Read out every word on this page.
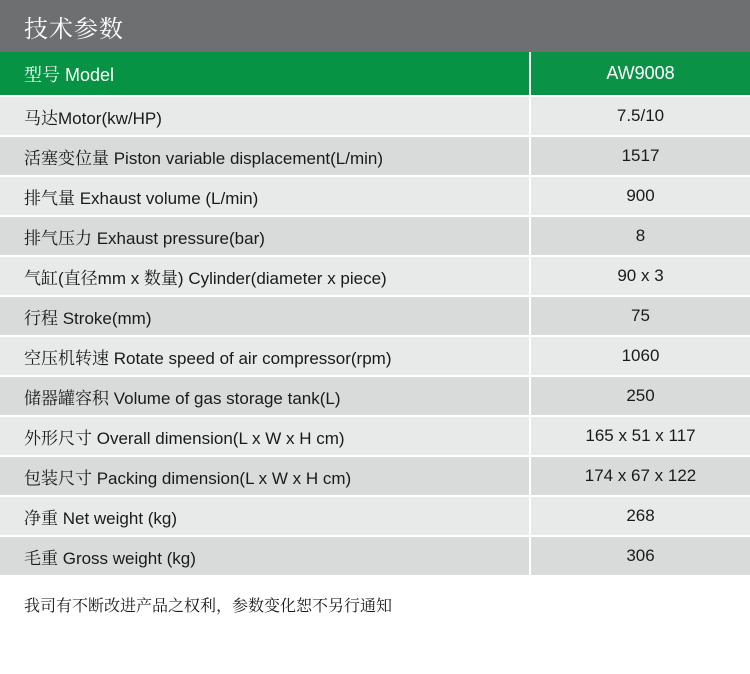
技术参数
型号 Model	AW9008
马达Motor(kw/HP)	7.5/10
活塞变位量 Piston variable displacement(L/min)	1517
排气量 Exhaust volume (L/min)	900
排气压力 Exhaust pressure(bar)	8
气缸(直径mm x 数量) Cylinder(diameter x piece)	90 x 3
行程 Stroke(mm)	75
空压机转速 Rotate speed of air compressor(rpm)	1060
储器罐容积 Volume of gas storage tank(L)	250
外形尺寸 Overall dimension(L x W x H cm)	165 x 51 x 117
包装尺寸 Packing dimension(L x W x H cm)	174 x 67 x 122
净重 Net weight (kg)	268
毛重 Gross weight (kg)	306
我司有不断改进产品之权利，参数变化恕不另行通知
